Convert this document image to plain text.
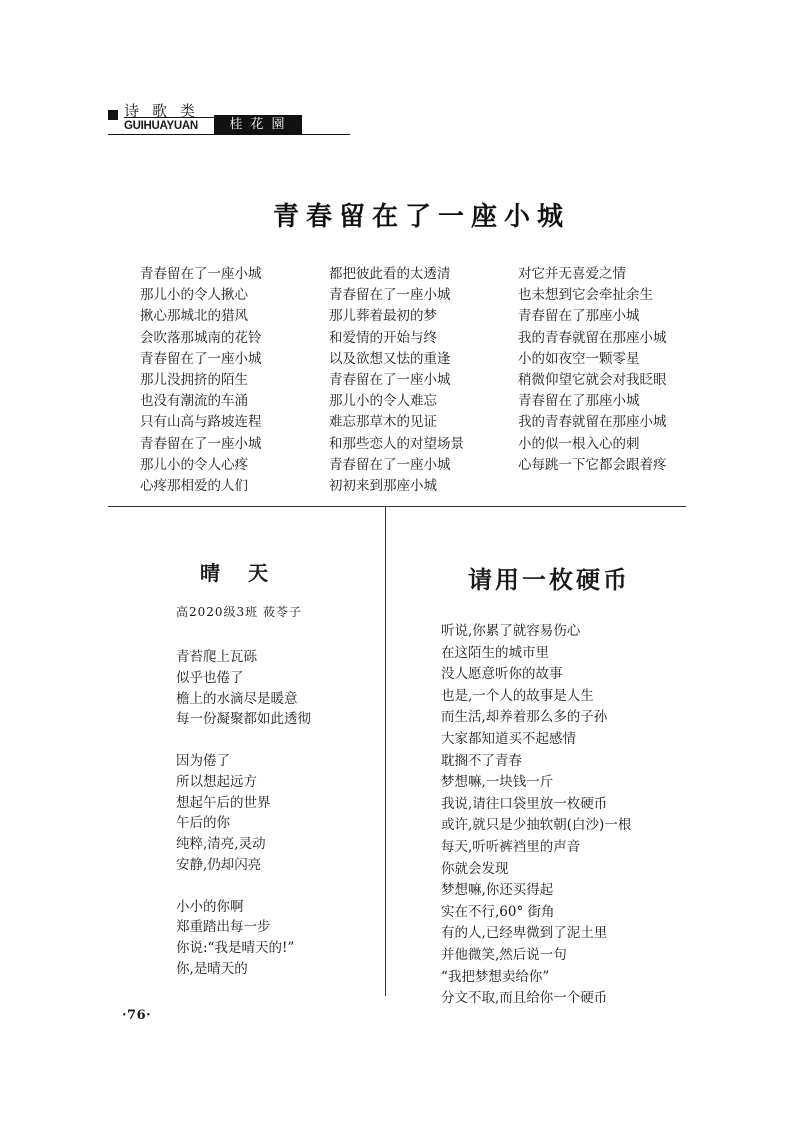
诗歌类
GUIHUAYUAN	桂花園
青春留在了一座小城
青春留在了一座小城
那儿小的令人揪心
揪心那城北的猎风
会吹落那城南的花铃
青春留在了一座小城
那儿没拥挤的陌生
也没有潮流的车涌
只有山高与路坡连程
青春留在了一座小城
那儿小的令人心疼
心疼那相爱的人们
都把彼此看的太透清
青春留在了一座小城
那儿葬着最初的梦
和爱情的开始与终
以及欲想又怯的重逢
青春留在了一座小城
那儿小的令人难忘
难忘那草木的见证
和那些恋人的对望场景
青春留在了一座小城
初初来到那座小城
对它并无喜爱之情
也未想到它会牵扯余生
青春留在了那座小城
我的青春就留在那座小城
小的如夜空一颗零星
稍微仰望它就会对我眨眼
青春留在了那座小城
我的青春就留在那座小城
小的似一根入心的刺
心每跳一下它都会跟着疼
晴天
高2020级3班 莜苓子
青苔爬上瓦砾
似乎也倦了
檐上的水滴尽是暖意
每一份凝聚都如此透彻
因为倦了
所以想起远方
想起午后的世界
午后的你
纯粹,清亮,灵动
安静,仍却闪亮
小小的你啊
郑重踏出每一步
你说:“我是晴天的!”
你,是晴天的
请用一枚硬币
听说,你累了就容易伤心
在这陌生的城市里
没人愿意听你的故事
也是,一个人的故事是人生
而生活,却养着那么多的子孙
大家都知道买不起感情
耽搁不了青春
梦想嘛,一块钱一斤
我说,请往口袋里放一枚硬币
或许,就只是少抽软朝(白沙)一根
每天,听听裤裆里的声音
你就会发现
梦想嘛,你还买得起
实在不行,60° 街角
有的人,已经卑微到了泥土里
并他微笑,然后说一句
“我把梦想卖给你”
分文不取,而且给你一个硬币
·76·
